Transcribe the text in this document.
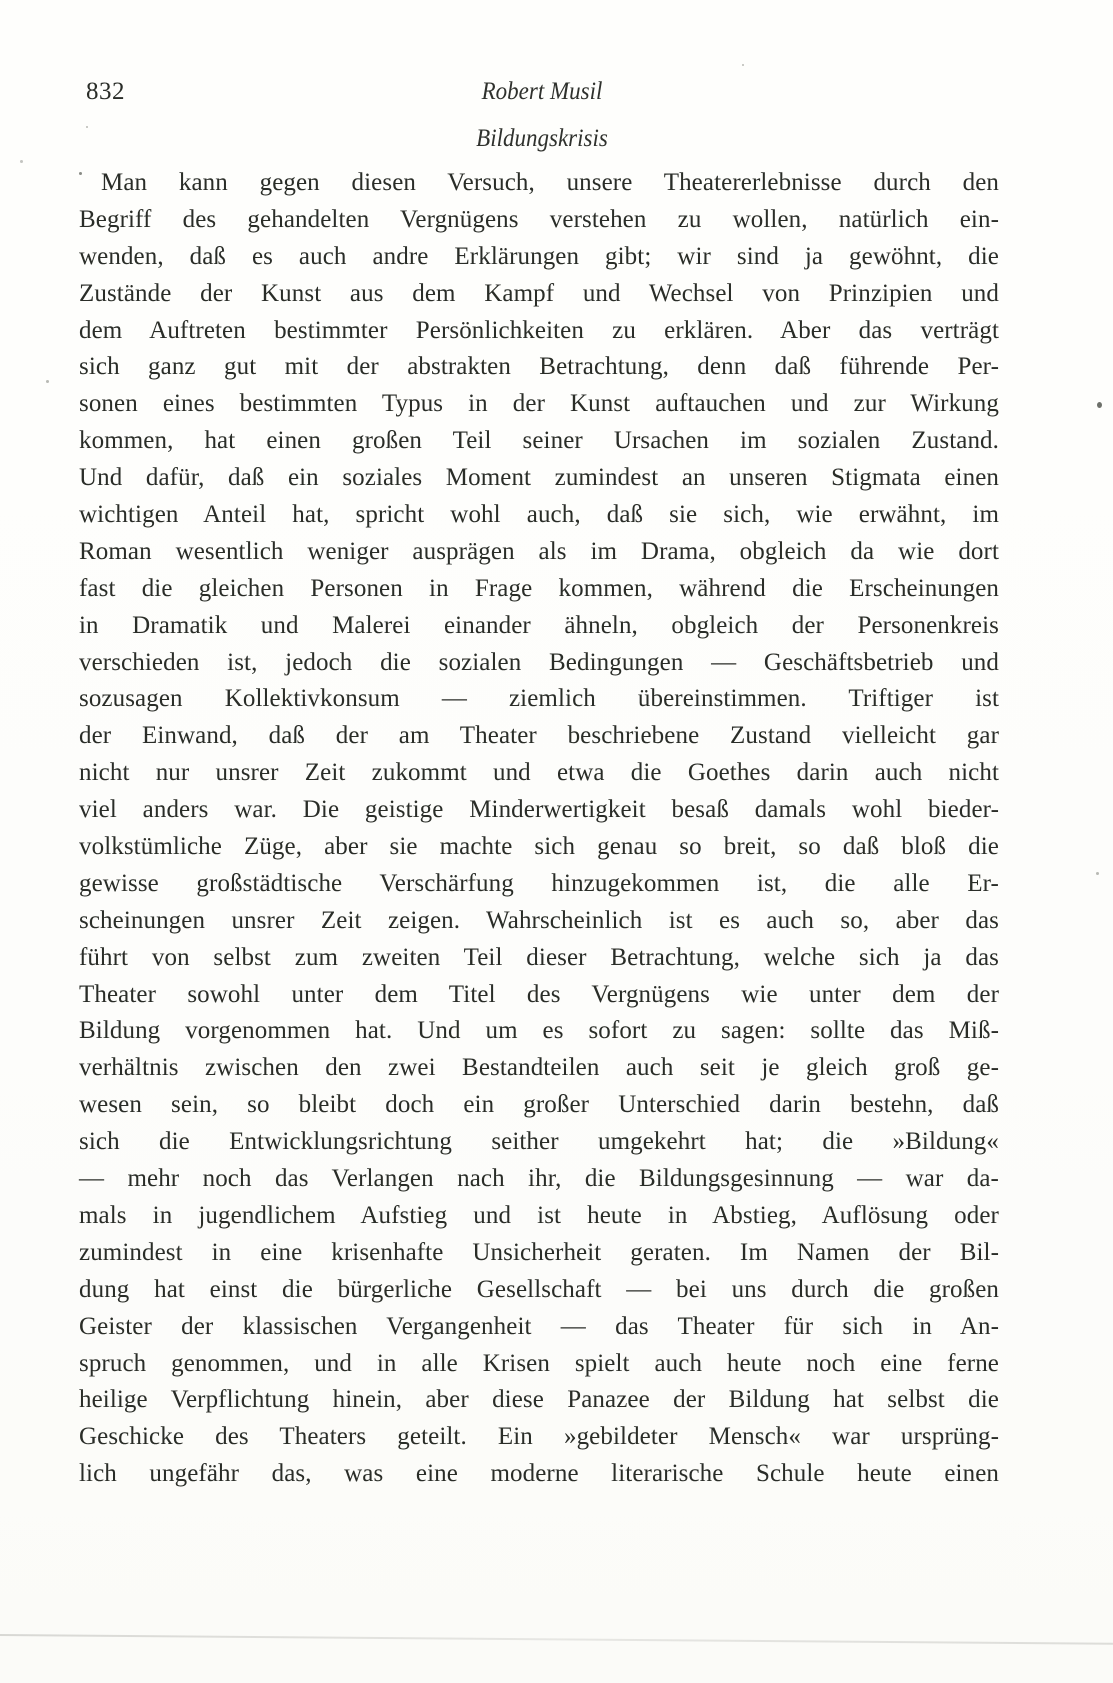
832	Robert Musil
Bildungskrisis
Man kann gegen diesen Versuch, unsere Theatererlebnisse durch den
Begriff des gehandelten Vergnügens verstehen zu wollen, natürlich ein-
wenden, daß es auch andre Erklärungen gibt; wir sind ja gewöhnt, die
Zustände der Kunst aus dem Kampf und Wechsel von Prinzipien und
dem Auftreten bestimmter Persönlichkeiten zu erklären. Aber das verträgt
sich ganz gut mit der abstrakten Betrachtung, denn daß führende Per-
sonen eines bestimmten Typus in der Kunst auftauchen und zur Wirkung
kommen, hat einen großen Teil seiner Ursachen im sozialen Zustand.
Und dafür, daß ein soziales Moment zumindest an unseren Stigmata einen
wichtigen Anteil hat, spricht wohl auch, daß sie sich, wie erwähnt, im
Roman wesentlich weniger ausprägen als im Drama, obgleich da wie dort
fast die gleichen Personen in Frage kommen, während die Erscheinungen
in Dramatik und Malerei einander ähneln, obgleich der Personenkreis
verschieden ist, jedoch die sozialen Bedingungen — Geschäftsbetrieb und
sozusagen Kollektivkonsum — ziemlich übereinstimmen. Triftiger ist
der Einwand, daß der am Theater beschriebene Zustand vielleicht gar
nicht nur unsrer Zeit zukommt und etwa die Goethes darin auch nicht
viel anders war. Die geistige Minderwertigkeit besaß damals wohl bieder-
volkstümliche Züge, aber sie machte sich genau so breit, so daß bloß die
gewisse großstädtische Verschärfung hinzugekommen ist, die alle Er-
scheinungen unsrer Zeit zeigen. Wahrscheinlich ist es auch so, aber das
führt von selbst zum zweiten Teil dieser Betrachtung, welche sich ja das
Theater sowohl unter dem Titel des Vergnügens wie unter dem der
Bildung vorgenommen hat. Und um es sofort zu sagen: sollte das Miß-
verhältnis zwischen den zwei Bestandteilen auch seit je gleich groß ge-
wesen sein, so bleibt doch ein großer Unterschied darin bestehn, daß
sich die Entwicklungsrichtung seither umgekehrt hat; die »Bildung«
— mehr noch das Verlangen nach ihr, die Bildungsgesinnung — war da-
mals in jugendlichem Aufstieg und ist heute in Abstieg, Auflösung oder
zumindest in eine krisenhafte Unsicherheit geraten. Im Namen der Bil-
dung hat einst die bürgerliche Gesellschaft — bei uns durch die großen
Geister der klassischen Vergangenheit — das Theater für sich in An-
spruch genommen, und in alle Krisen spielt auch heute noch eine ferne
heilige Verpflichtung hinein, aber diese Panazee der Bildung hat selbst die
Geschicke des Theaters geteilt. Ein »gebildeter Mensch« war ursprüng-
lich ungefähr das, was eine moderne literarische Schule heute einen
